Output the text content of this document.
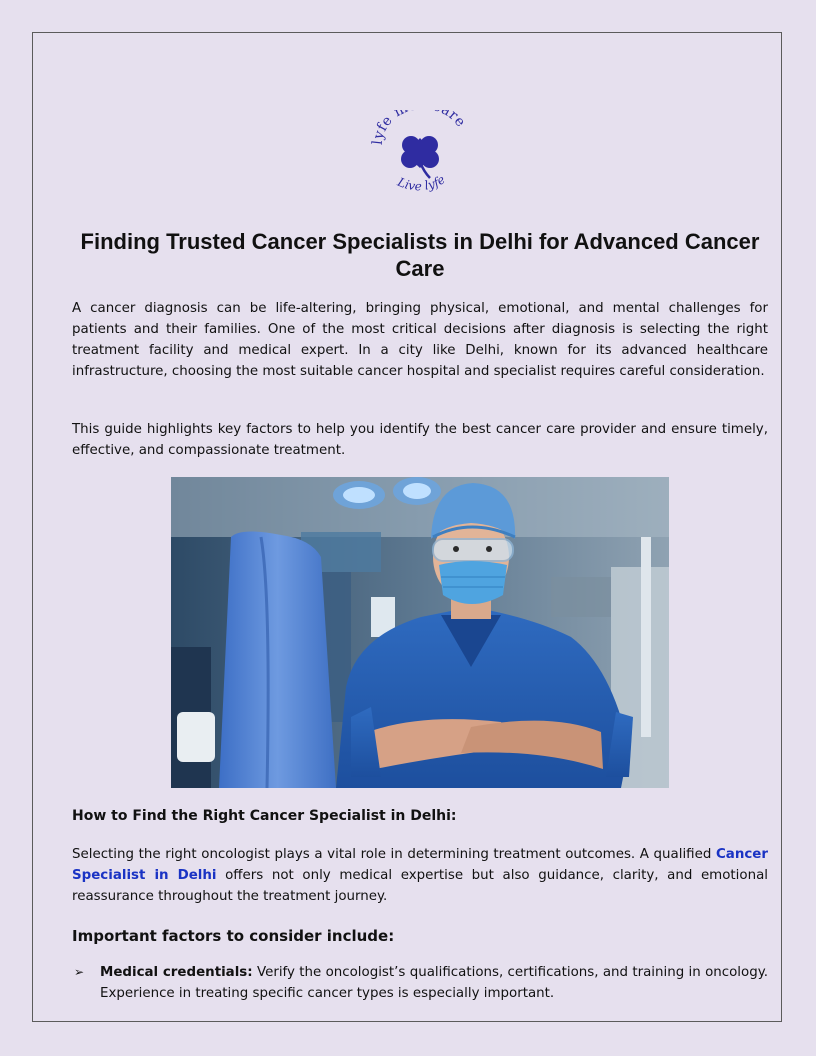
lyfe m are
Live lyfe
Finding Trusted Cancer Specialists in Delhi for Advanced Cancer Care

A cancer diagnosis can be life-altering, bringing physical, emotional, and mental challenges for patients and their families. One of the most critical decisions after diagnosis is selecting the right treatment facility and medical expert. In a city like Delhi, known for its advanced healthcare infrastructure, choosing the most suitable cancer hospital and specialist requires careful consideration.

This guide highlights key factors to help you identify the best cancer care provider and ensure timely, effective, and compassionate treatment.

How to Find the Right Cancer Specialist in Delhi:

Selecting the right oncologist plays a vital role in determining treatment outcomes. A qualified Cancer Specialist in Delhi offers not only medical expertise but also guidance, clarity, and emotional reassurance throughout the treatment journey.

Important factors to consider include:
➢ Medical credentials: Verify the oncologist’s qualifications, certifications, and training in oncology. Experience in treating specific cancer types is especially important.
